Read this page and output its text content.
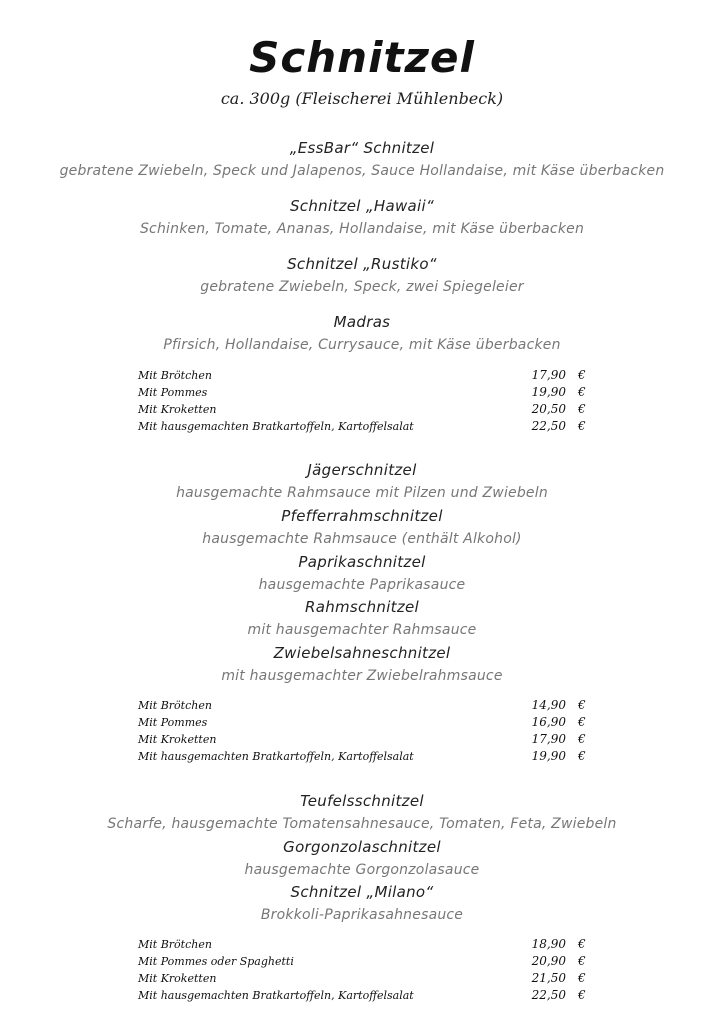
Schnitzel
ca. 300g (Fleischerei Mühlenbeck)
„EssBar“ Schnitzel
gebratene Zwiebeln, Speck und Jalapenos, Sauce Hollandaise, mit Käse überbacken
Schnitzel „Hawaii“
Schinken, Tomate, Ananas, Hollandaise, mit Käse überbacken
Schnitzel „Rustiko“
gebratene Zwiebeln, Speck, zwei Spiegeleier
Madras
Pfirsich, Hollandaise, Currysauce, mit Käse überbacken
Mit Brötchen	17,90 €
Mit Pommes	19,90 €
Mit Kroketten	20,50 €
Mit hausgemachten Bratkartoffeln, Kartoffelsalat	22,50 €
Jägerschnitzel
hausgemachte Rahmsauce mit Pilzen und Zwiebeln
Pfefferrahmschnitzel
hausgemachte Rahmsauce (enthält Alkohol)
Paprikaschnitzel
hausgemachte Paprikasauce
Rahmschnitzel
mit hausgemachter Rahmsauce
Zwiebelsahneschnitzel
mit hausgemachter Zwiebelrahmsauce
Mit Brötchen	14,90 €
Mit Pommes	16,90 €
Mit Kroketten	17,90 €
Mit hausgemachten Bratkartoffeln, Kartoffelsalat	19,90 €
Teufelsschnitzel
Scharfe, hausgemachte Tomatensahnesauce, Tomaten, Feta, Zwiebeln
Gorgonzolaschnitzel
hausgemachte Gorgonzolasauce
Schnitzel „Milano“
Brokkoli-Paprikasahnesauce
Mit Brötchen	18,90 €
Mit Pommes oder Spaghetti	20,90 €
Mit Kroketten	21,50 €
Mit hausgemachten Bratkartoffeln, Kartoffelsalat	22,50 €
